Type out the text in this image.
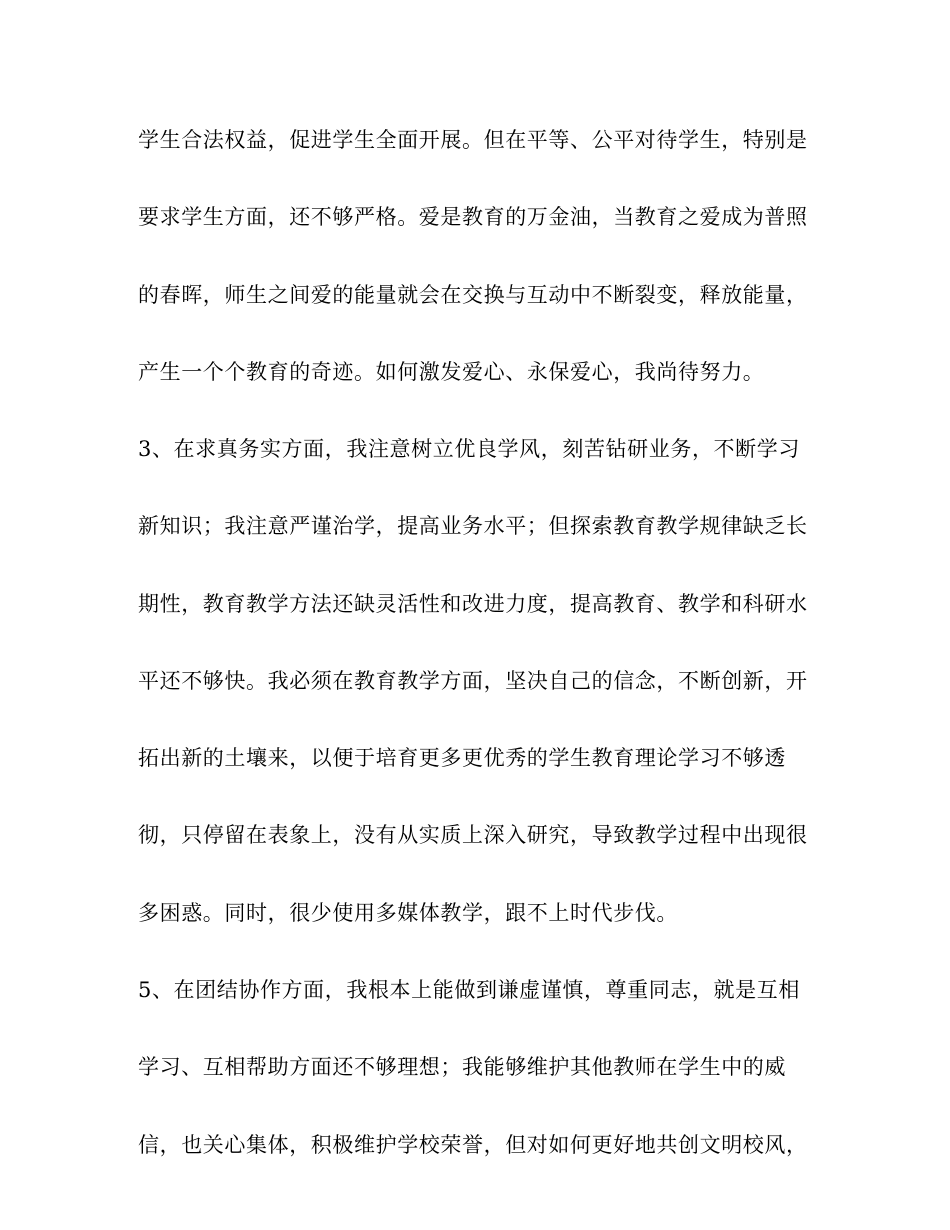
学生合法权益，促进学生全面开展。但在平等、公平对待学生，特别是
要求学生方面，还不够严格。爱是教育的万金油，当教育之爱成为普照
的春晖，师生之间爱的能量就会在交换与互动中不断裂变，释放能量，
产生一个个教育的奇迹。如何激发爱心、永保爱心，我尚待努力。
3、在求真务实方面，我注意树立优良学风，刻苦钻研业务，不断学习
新知识；我注意严谨治学，提高业务水平；但探索教育教学规律缺乏长
期性，教育教学方法还缺灵活性和改进力度，提高教育、教学和科研水
平还不够快。我必须在教育教学方面，坚决自己的信念，不断创新，开
拓出新的土壤来，以便于培育更多更优秀的学生教育理论学习不够透
彻，只停留在表象上，没有从实质上深入研究，导致教学过程中出现很
多困惑。同时，很少使用多媒体教学，跟不上时代步伐。
5、在团结协作方面，我根本上能做到谦虚谨慎，尊重同志，就是互相
学习、互相帮助方面还不够理想；我能够维护其他教师在学生中的威
信，也关心集体，积极维护学校荣誉，但对如何更好地共创文明校风，
